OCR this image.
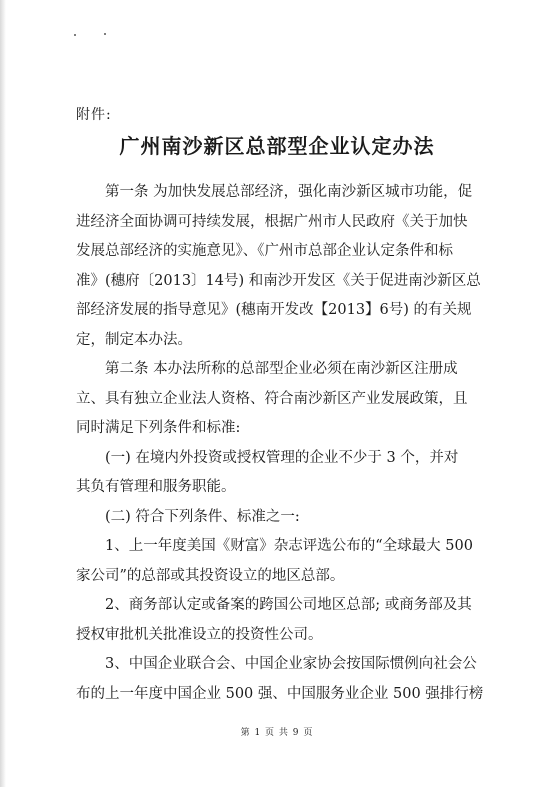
附件:
广州南沙新区总部型企业认定办法
第一条 为加快发展总部经济，强化南沙新区城市功能，促
进经济全面协调可持续发展，根据广州市人民政府《关于加快
发展总部经济的实施意见》、《广州市总部企业认定条件和标
准》(穗府〔2013〕14号) 和南沙开发区《关于促进南沙新区总
部经济发展的指导意见》(穗南开发改【2013】6号) 的有关规
定，制定本办法。
第二条 本办法所称的总部型企业必须在南沙新区注册成
立、具有独立企业法人资格、符合南沙新区产业发展政策，且
同时满足下列条件和标准:
(一) 在境内外投资或授权管理的企业不少于 3 个，并对
其负有管理和服务职能。
(二) 符合下列条件、标准之一:
1、上一年度美国《财富》杂志评选公布的“全球最大 500
家公司”的总部或其投资设立的地区总部。
2、商务部认定或备案的跨国公司地区总部; 或商务部及其
授权审批机关批准设立的投资性公司。
3、中国企业联合会、中国企业家协会按国际惯例向社会公
布的上一年度中国企业 500 强、中国服务业企业 500 强排行榜
第 1 页 共 9 页
